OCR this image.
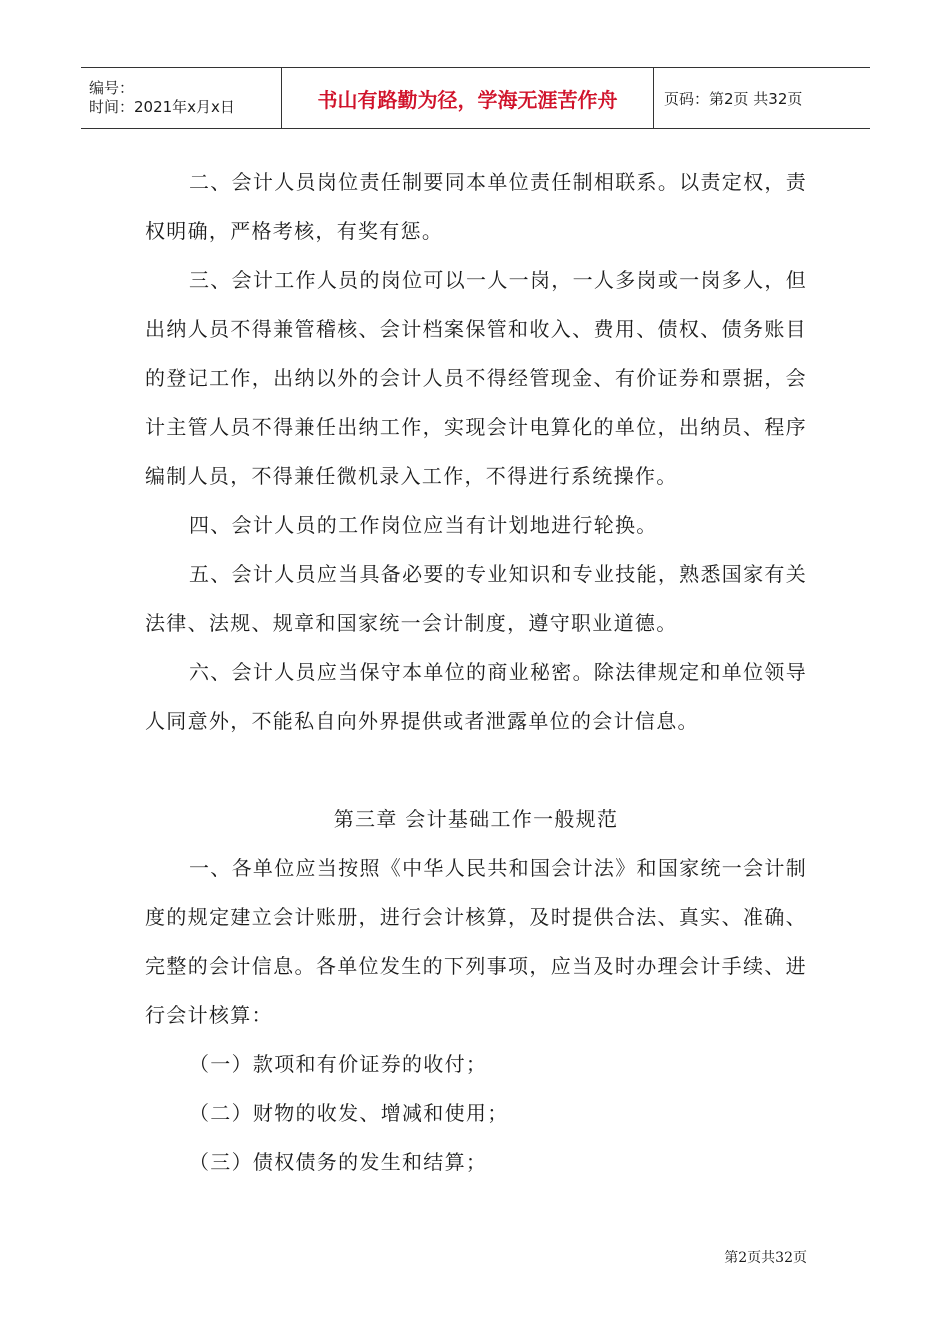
编号：
时间：2021年x月x日	书山有路勤为径，学海无涯苦作舟	页码：第2页 共32页

二、会计人员岗位责任制要同本单位责任制相联系。以责定权，责权明确，严格考核，有奖有惩。

三、会计工作人员的岗位可以一人一岗，一人多岗或一岗多人，但出纳人员不得兼管稽核、会计档案保管和收入、费用、债权、债务账目的登记工作，出纳以外的会计人员不得经管现金、有价证券和票据，会计主管人员不得兼任出纳工作，实现会计电算化的单位，出纳员、程序编制人员，不得兼任微机录入工作，不得进行系统操作。

四、会计人员的工作岗位应当有计划地进行轮换。

五、会计人员应当具备必要的专业知识和专业技能，熟悉国家有关法律、法规、规章和国家统一会计制度，遵守职业道德。

六、会计人员应当保守本单位的商业秘密。除法律规定和单位领导人同意外，不能私自向外界提供或者泄露单位的会计信息。

第三章 会计基础工作一般规范

一、各单位应当按照《中华人民共和国会计法》和国家统一会计制度的规定建立会计账册，进行会计核算，及时提供合法、真实、准确、完整的会计信息。各单位发生的下列事项，应当及时办理会计手续、进行会计核算：

（一）款项和有价证券的收付；

（二）财物的收发、增减和使用；

（三）债权债务的发生和结算；

第2页共32页
